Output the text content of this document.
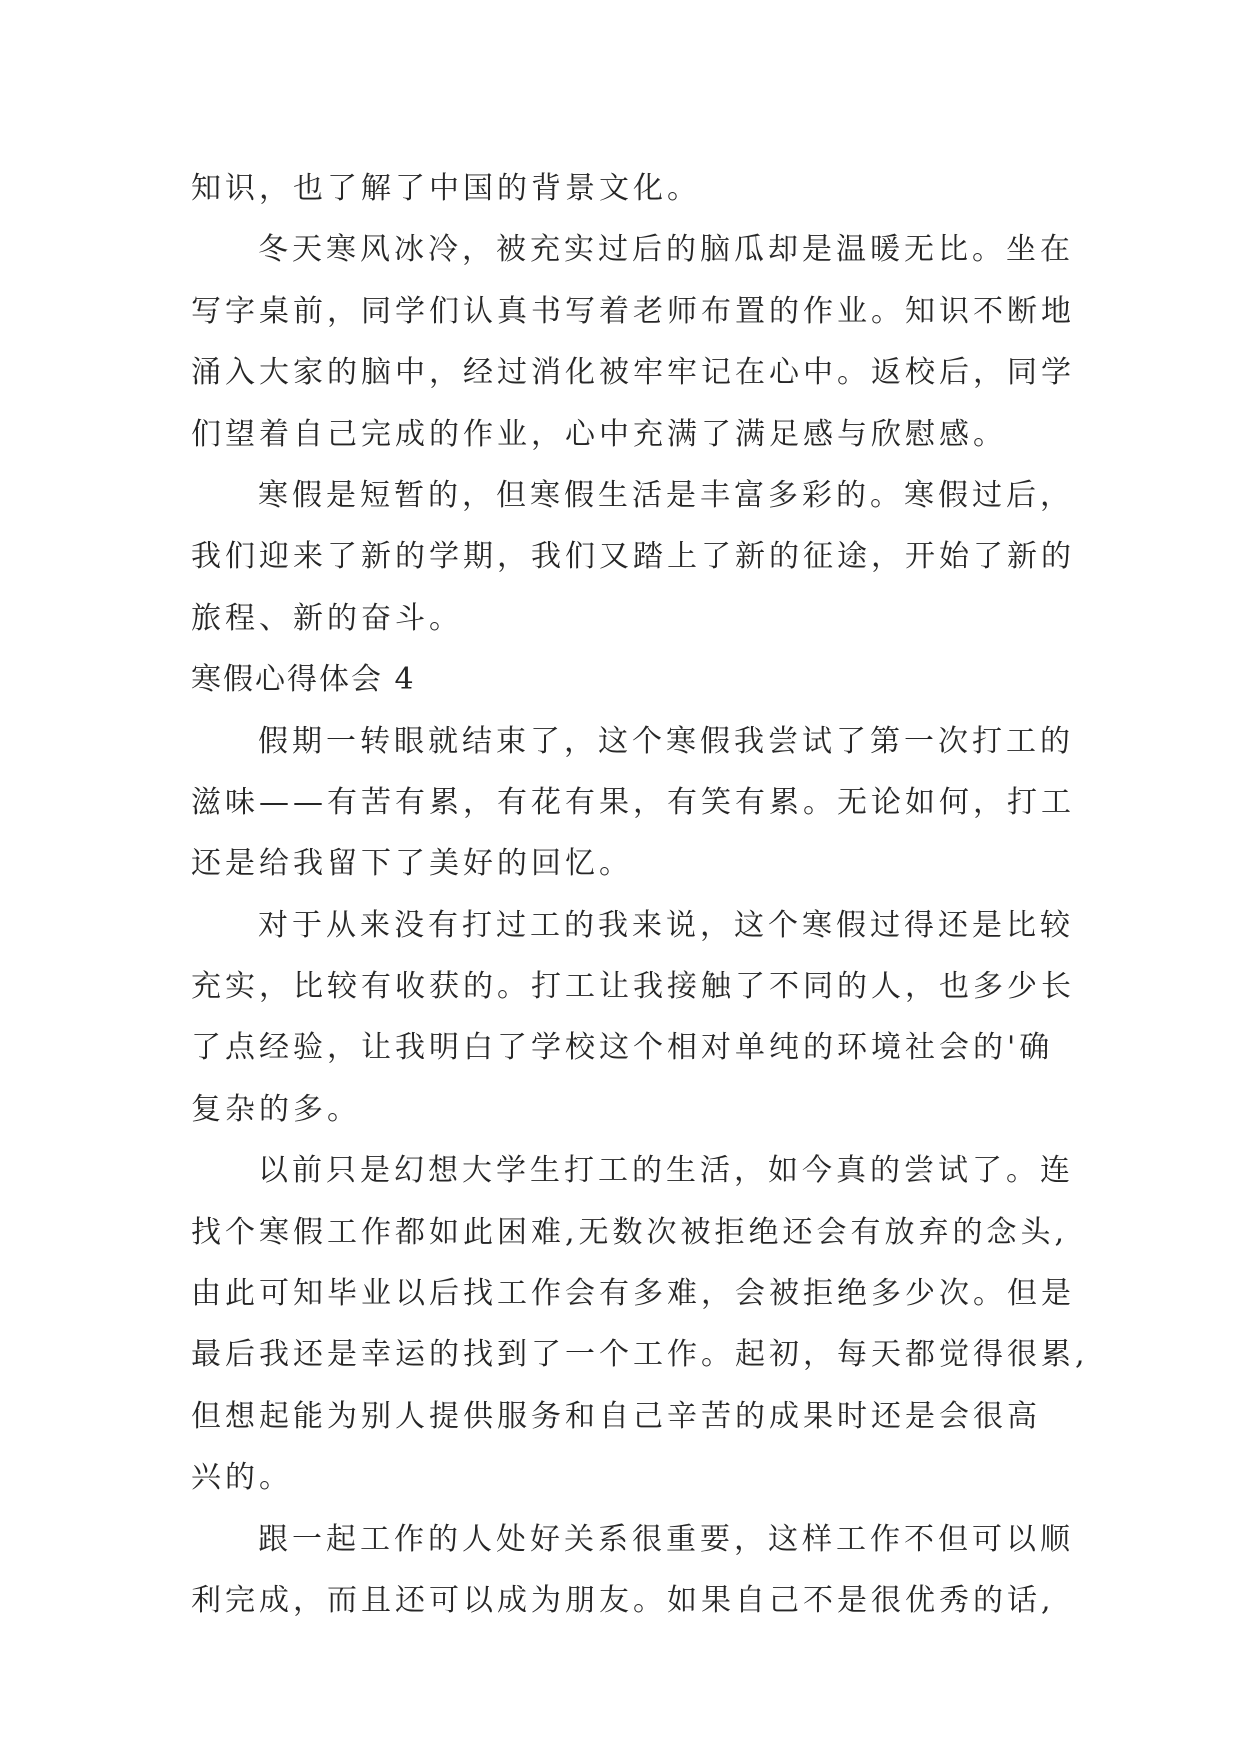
知识，也了解了中国的背景文化。
冬天寒风冰冷，被充实过后的脑瓜却是温暖无比。坐在
写字桌前，同学们认真书写着老师布置的作业。知识不断地
涌入大家的脑中，经过消化被牢牢记在心中。返校后，同学
们望着自己完成的作业，心中充满了满足感与欣慰感。
寒假是短暂的，但寒假生活是丰富多彩的。寒假过后，
我们迎来了新的学期，我们又踏上了新的征途，开始了新的
旅程、新的奋斗。
寒假心得体会 4
假期一转眼就结束了，这个寒假我尝试了第一次打工的
滋味——有苦有累，有花有果，有笑有累。无论如何，打工
还是给我留下了美好的回忆。
对于从来没有打过工的我来说，这个寒假过得还是比较
充实，比较有收获的。打工让我接触了不同的人，也多少长
了点经验，让我明白了学校这个相对单纯的环境社会的'确
复杂的多。
以前只是幻想大学生打工的生活，如今真的尝试了。连
找个寒假工作都如此困难,无数次被拒绝还会有放弃的念头,
由此可知毕业以后找工作会有多难，会被拒绝多少次。但是
最后我还是幸运的找到了一个工作。起初，每天都觉得很累,
但想起能为别人提供服务和自己辛苦的成果时还是会很高
兴的。
跟一起工作的人处好关系很重要，这样工作不但可以顺
利完成，而且还可以成为朋友。如果自己不是很优秀的话,
